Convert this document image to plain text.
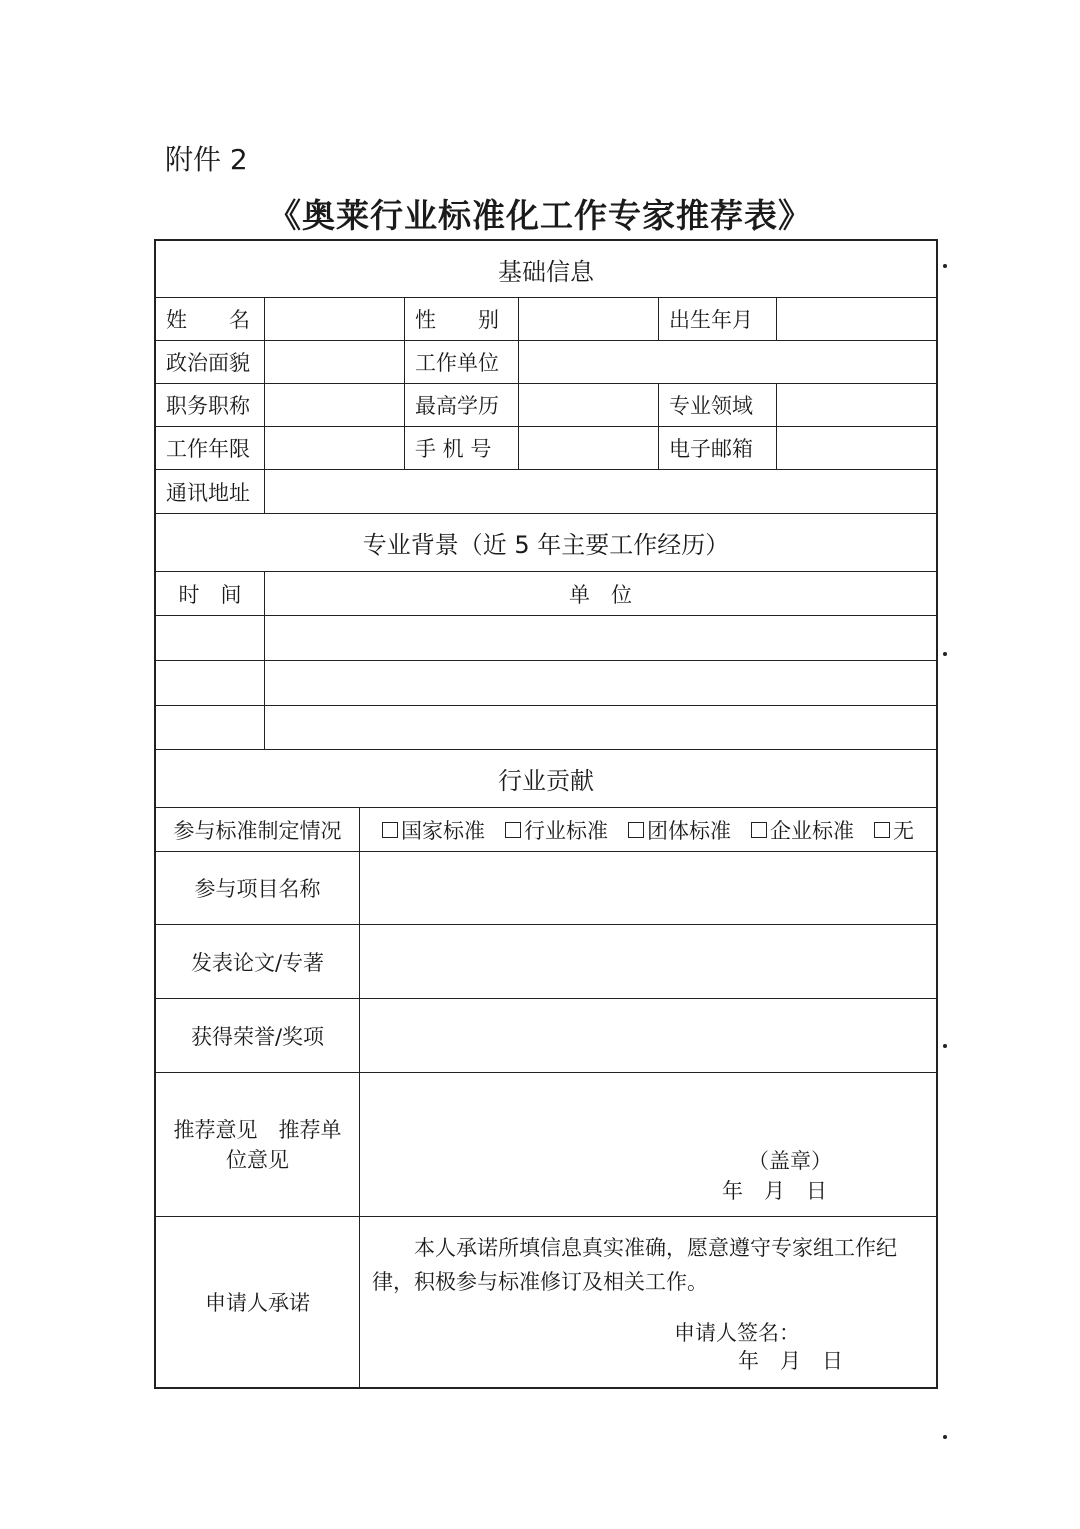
附件 2
《奥莱行业标准化工作专家推荐表》
基础信息
姓　　名	性　　别	出生年月
政治面貌	工作单位
职务职称	最高学历	专业领域
工作年限	手 机 号	电子邮箱
通讯地址
专业背景（近 5 年主要工作经历）
时　间	单　位
行业贡献
参与标准制定情况	国家标准	行业标准	团体标准	企业标准	无
参与项目名称
发表论文/专著
获得荣誉/奖项
推荐意见　推荐单位意见	（盖章）
年　月　日
申请人承诺

本人承诺所填信息真实准确，愿意遵守专家组工作纪律，积极参与标准修订及相关工作。

申请人签名：
年　月　日
